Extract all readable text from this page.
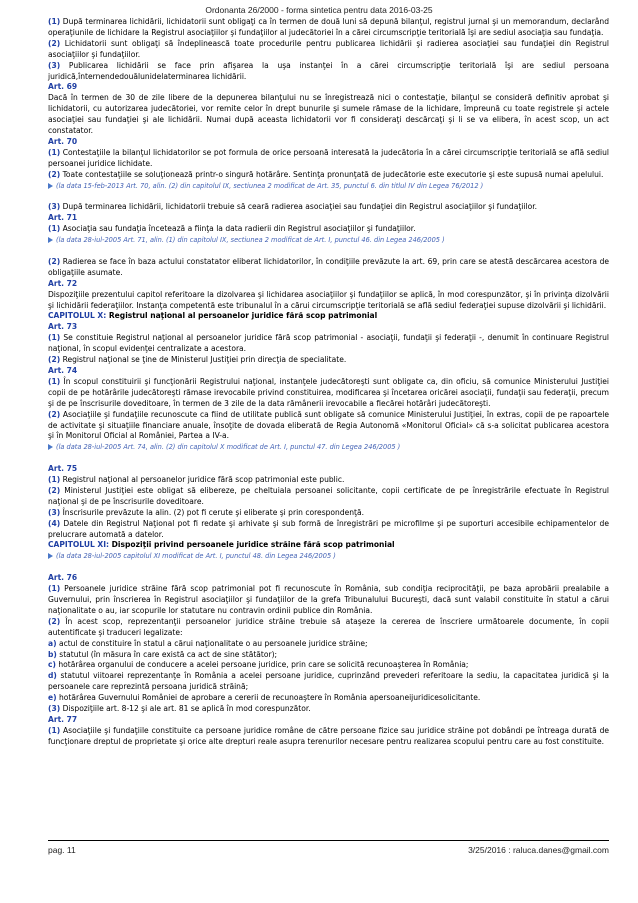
Ordonanta 26/2000 - forma sintetica pentru data 2016-03-25

(1) După terminarea lichidării, lichidatorii sunt obligaţi ca în termen de două luni să depună bilanţul, registrul jurnal şi un memorandum, declarând operaţiunile de lichidare la Registrul asociaţiilor şi fundaţiilor al judecătoriei în a cărei circumscripţie teritorială îşi are sediul asociaţia sau fundaţia.

(2) Lichidatorii sunt obligaţi să îndeplinească toate procedurile pentru publicarea lichidării şi radierea asociaţiei sau fundaţiei din Registrul asociaţiilor şi fundaţiilor.

(3) Publicarea lichidării se face prin afişarea la uşa instanţei în a cărei circumscripţie teritorială îşi are sediul persoana juridică,înternendedouălunidelaterminarea lichidării.

Art. 69

Dacă în termen de 30 de zile libere de la depunerea bilanţului nu se înregistrează nici o contestaţie, bilanţul se consideră definitiv aprobat şi lichidatorii, cu autorizarea judecătoriei, vor remite celor în drept bunurile şi sumele rămase de la lichidare, împreună cu toate registrele şi actele asociaţiei sau fundaţiei şi ale lichidării. Numai după aceasta lichidatorii vor fi consideraţi descărcaţi şi li se va elibera, în acest scop, un act constatator.

Art. 70

(1) Contestaţiile la bilanţul lichidatorilor se pot formula de orice persoană interesată la judecătoria în a cărei circumscripţie teritorială se află sediul persoanei juridice lichidate.

(2) Toate contestaţiile se soluţionează printr-o singură hotărâre. Sentinţa pronunţată de judecătorie este executorie şi este supusă numai apelului.

(la data 15-feb-2013 Art. 70, alin. (2) din capitolul IX, sectiunea 2 modificat de Art. 35, punctul 6. din titlul IV din Legea 76/2012 )

(3) După terminarea lichidării, lichidatorii trebuie să ceară radierea asociaţiei sau fundaţiei din Registrul asociaţiilor şi fundaţiilor.

Art. 71

(1) Asociaţia sau fundaţia încetează a fiinţa la data radierii din Registrul asociaţiilor şi fundaţiilor.

(la data 28-iul-2005 Art. 71, alin. (1) din capitolul IX, sectiunea 2 modificat de Art. I, punctul 46. din Legea 246/2005 )

(2) Radierea se face în baza actului constatator eliberat lichidatorilor, în condiţiile prevăzute la art. 69, prin care se atestă descărcarea acestora de obligaţiile asumate.

Art. 72

Dispoziţiile prezentului capitol referitoare la dizolvarea şi lichidarea asociaţiilor şi fundaţiilor se aplică, în mod corespunzător, şi în privinţa dizolvării şi lichidării federaţiilor. Instanţa competentă este tribunalul în a cărui circumscripţie teritorială se află sediul federaţiei supuse dizolvării şi lichidării.

CAPITOLUL X: Registrul naţional al persoanelor juridice fără scop patrimonial

Art. 73

(1) Se constituie Registrul naţional al persoanelor juridice fără scop patrimonial - asociaţii, fundaţii şi federaţii -, denumit în continuare Registrul naţional, în scopul evidenţei centralizate a acestora.

(2) Registrul naţional se ţine de Ministerul Justiţiei prin direcţia de specialitate.

Art. 74

(1) În scopul constituirii şi funcţionării Registrului naţional, instanţele judecătoreşti sunt obligate ca, din oficiu, să comunice Ministerului Justiţiei copii de pe hotărârile judecătoreşti rămase irevocabile privind constituirea, modificarea şi încetarea oricărei asociaţii, fundaţii sau federaţii, precum şi de pe înscrisurile doveditoare, în termen de 3 zile de la data rămânerii irevocabile a fiecărei hotărâri judecătoreşti.

(2) Asociaţiile şi fundaţiile recunoscute ca fiind de utilitate publică sunt obligate să comunice Ministerului Justiţiei, în extras, copii de pe rapoartele de activitate şi situaţiile financiare anuale, însoţite de dovada eliberată de Regia Autonomă «Monitorul Oficial» că s-a solicitat publicarea acestora şi în Monitorul Oficial al României, Partea a IV-a.

(la data 28-iul-2005 Art. 74, alin. (2) din capitolul X modificat de Art. I, punctul 47. din Legea 246/2005 )

Art. 75

(1) Registrul naţional al persoanelor juridice fără scop patrimonial este public.

(2) Ministerul Justiţiei este obligat să elibereze, pe cheltuiala persoanei solicitante, copii certificate de pe înregistrările efectuate în Registrul naţional şi de pe înscrisurile doveditoare.

(3) Înscrisurile prevăzute la alin. (2) pot fi cerute şi eliberate şi prin corespondenţă.

(4) Datele din Registrul Naţional pot fi redate şi arhivate şi sub formă de înregistrări pe microfilme şi pe suporturi accesibile echipamentelor de prelucrare automată a datelor.

CAPITOLUL XI: Dispoziţii privind persoanele juridice străine fără scop patrimonial

(la data 28-iul-2005 capitolul XI modificat de Art. I, punctul 48. din Legea 246/2005 )

Art. 76

(1) Persoanele juridice străine fără scop patrimonial pot fi recunoscute în România, sub condiţia reciprocităţii, pe baza aprobării prealabile a Guvernului, prin înscrierea în Registrul asociaţiilor şi fundaţiilor de la grefa Tribunalului Bucureşti, dacă sunt valabil constituite în statul a cărui naţionalitate o au, iar scopurile lor statutare nu contravin ordinii publice din România.

(2) În acest scop, reprezentanţii persoanelor juridice străine trebuie să ataşeze la cererea de înscriere următoarele documente, în copii autentificate şi traduceri legalizate:

a) actul de constituire în statul a cărui naţionalitate o au persoanele juridice străine;

b) statutul (în măsura în care există ca act de sine stătător);

c) hotărârea organului de conducere a acelei persoane juridice, prin care se solicită recunoaşterea în România;

d) statutul viitoarei reprezentanţe în România a acelei persoane juridice, cuprinzând prevederi referitoare la sediu, la capacitatea juridică şi la persoanele care reprezintă persoana juridică străină;

e) hotărârea Guvernului României de aprobare a cererii de recunoaştere în România apersoaneijuridicesolicitante.

(3) Dispoziţiile art. 8-12 şi ale art. 81 se aplică în mod corespunzător.

Art. 77

(1) Asociaţiile şi fundaţiile constituite ca persoane juridice române de către persoane fizice sau juridice străine pot dobândi pe întreaga durată de funcţionare dreptul de proprietate şi orice alte drepturi reale asupra terenurilor necesare pentru realizarea scopului pentru care au fost constituite.

pag. 11	3/25/2016 : raluca.danes@gmail.com
